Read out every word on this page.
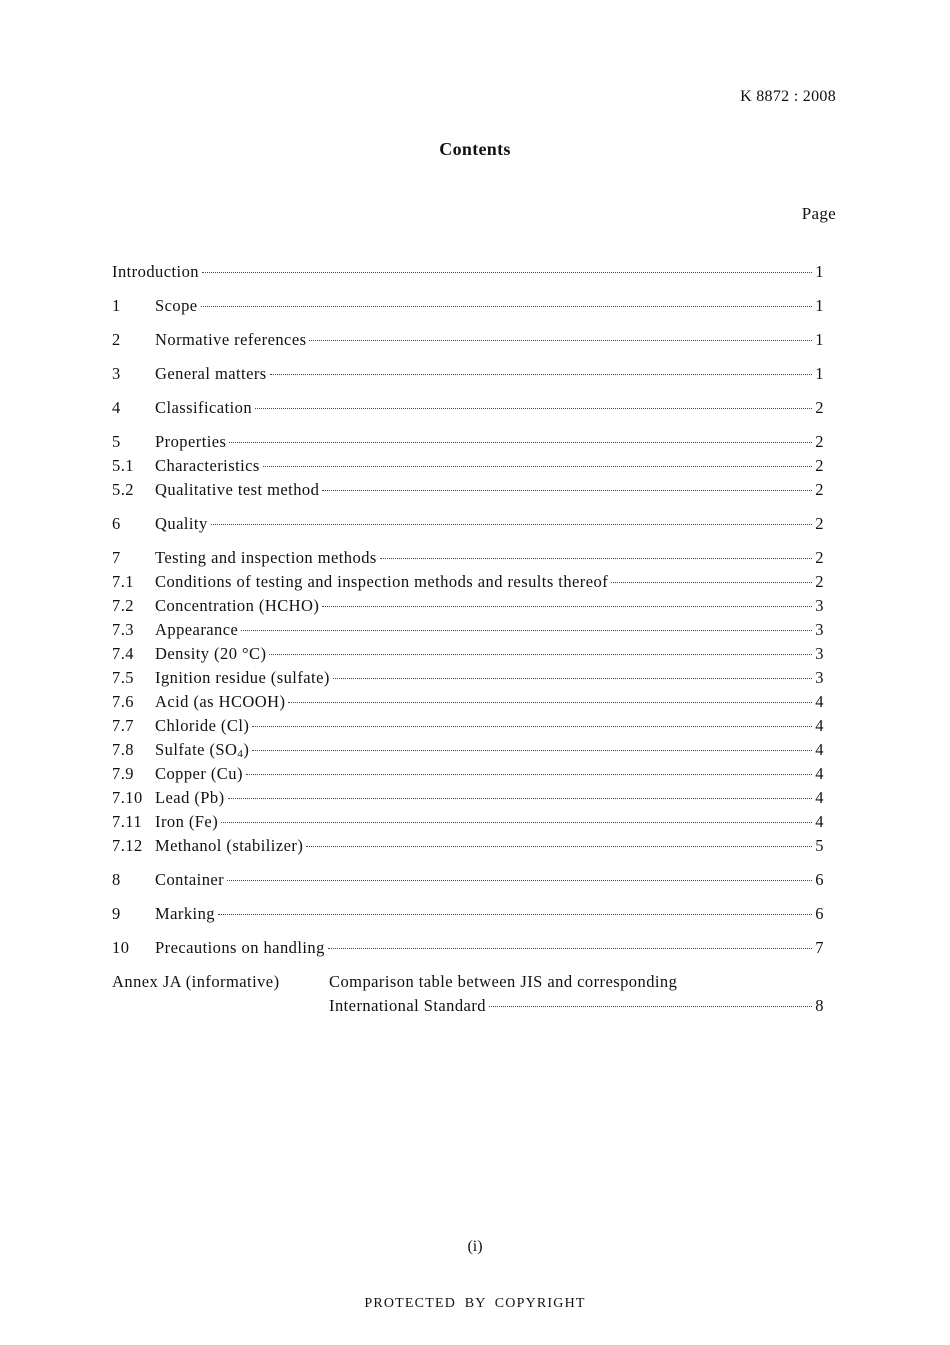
K 8872 : 2008
Contents
Page
Introduction	1
1	Scope	1
2	Normative references	1
3	General matters	1
4	Classification	2
5	Properties	2
5.1	Characteristics	2
5.2	Qualitative test method	2
6	Quality	2
7	Testing and inspection methods	2
7.1	Conditions of testing and inspection methods and results thereof	2
7.2	Concentration (HCHO)	3
7.3	Appearance	3
7.4	Density (20 °C)	3
7.5	Ignition residue (sulfate)	3
7.6	Acid (as HCOOH)	4
7.7	Chloride (Cl)	4
7.8	Sulfate $(SO_4)$	4
7.9	Copper (Cu)	4
7.10 Lead (Pb)	4
7.11 Iron (Fe)	4
7.12 Methanol (stabilizer)	5
8	Container	6
9	Marking	6
10	Precautions on handling	7
Annex JA (informative)	Comparison table between JIS and corresponding
International Standard	8
(i)
PROTECTED BY COPYRIGHT
